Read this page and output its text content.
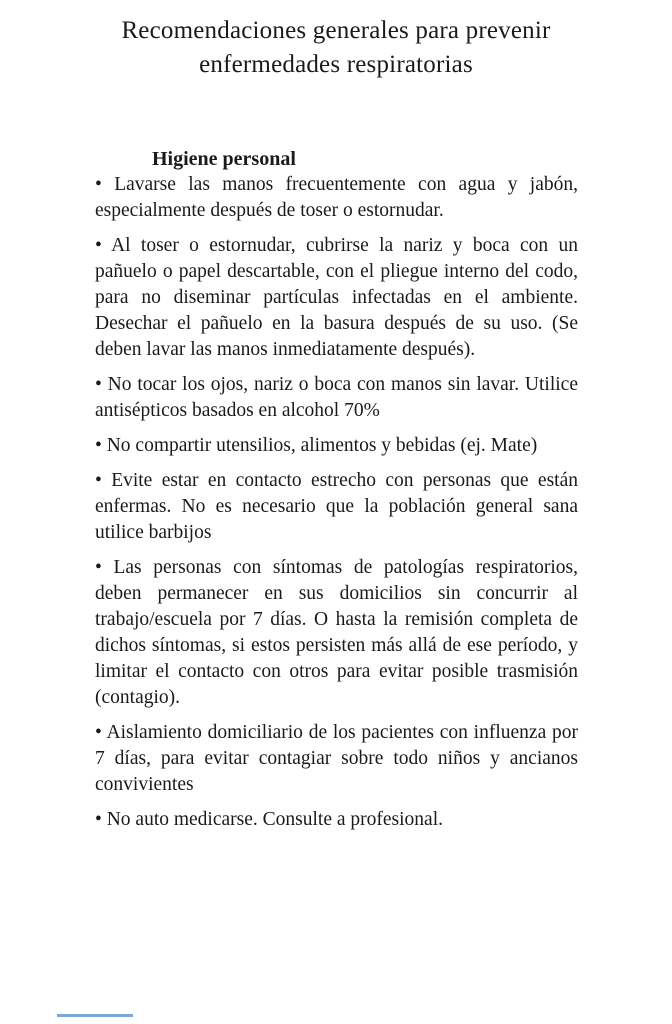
Recomendaciones generales para prevenir enfermedades respiratorias
Higiene personal

• Lavarse las manos frecuentemente con agua y jabón, especialmente después de toser o estornudar.

• Al toser o estornudar, cubrirse la nariz y boca con un pañuelo o papel descartable, con el pliegue interno del codo, para no diseminar partículas infectadas en el ambiente. Desechar el pañuelo en la basura después de su uso. (Se deben lavar las manos inmediatamente después).

• No tocar los ojos, nariz o boca con manos sin lavar. Utilice antisépticos basados en alcohol 70%

• No compartir utensilios, alimentos y bebidas (ej. Mate)

• Evite estar en contacto estrecho con personas que están enfermas. No es necesario que la población general sana utilice barbijos

• Las personas con síntomas de patologías respiratorios, deben permanecer en sus domicilios sin concurrir al trabajo/escuela por 7 días. O hasta la remisión completa de dichos síntomas, si estos persisten más allá de ese período, y limitar el contacto con otros para evitar posible trasmisión (contagio).

• Aislamiento domiciliario de los pacientes con influenza por 7 días, para evitar contagiar sobre todo niños y ancianos convivientes

• No auto medicarse. Consulte a profesional.
